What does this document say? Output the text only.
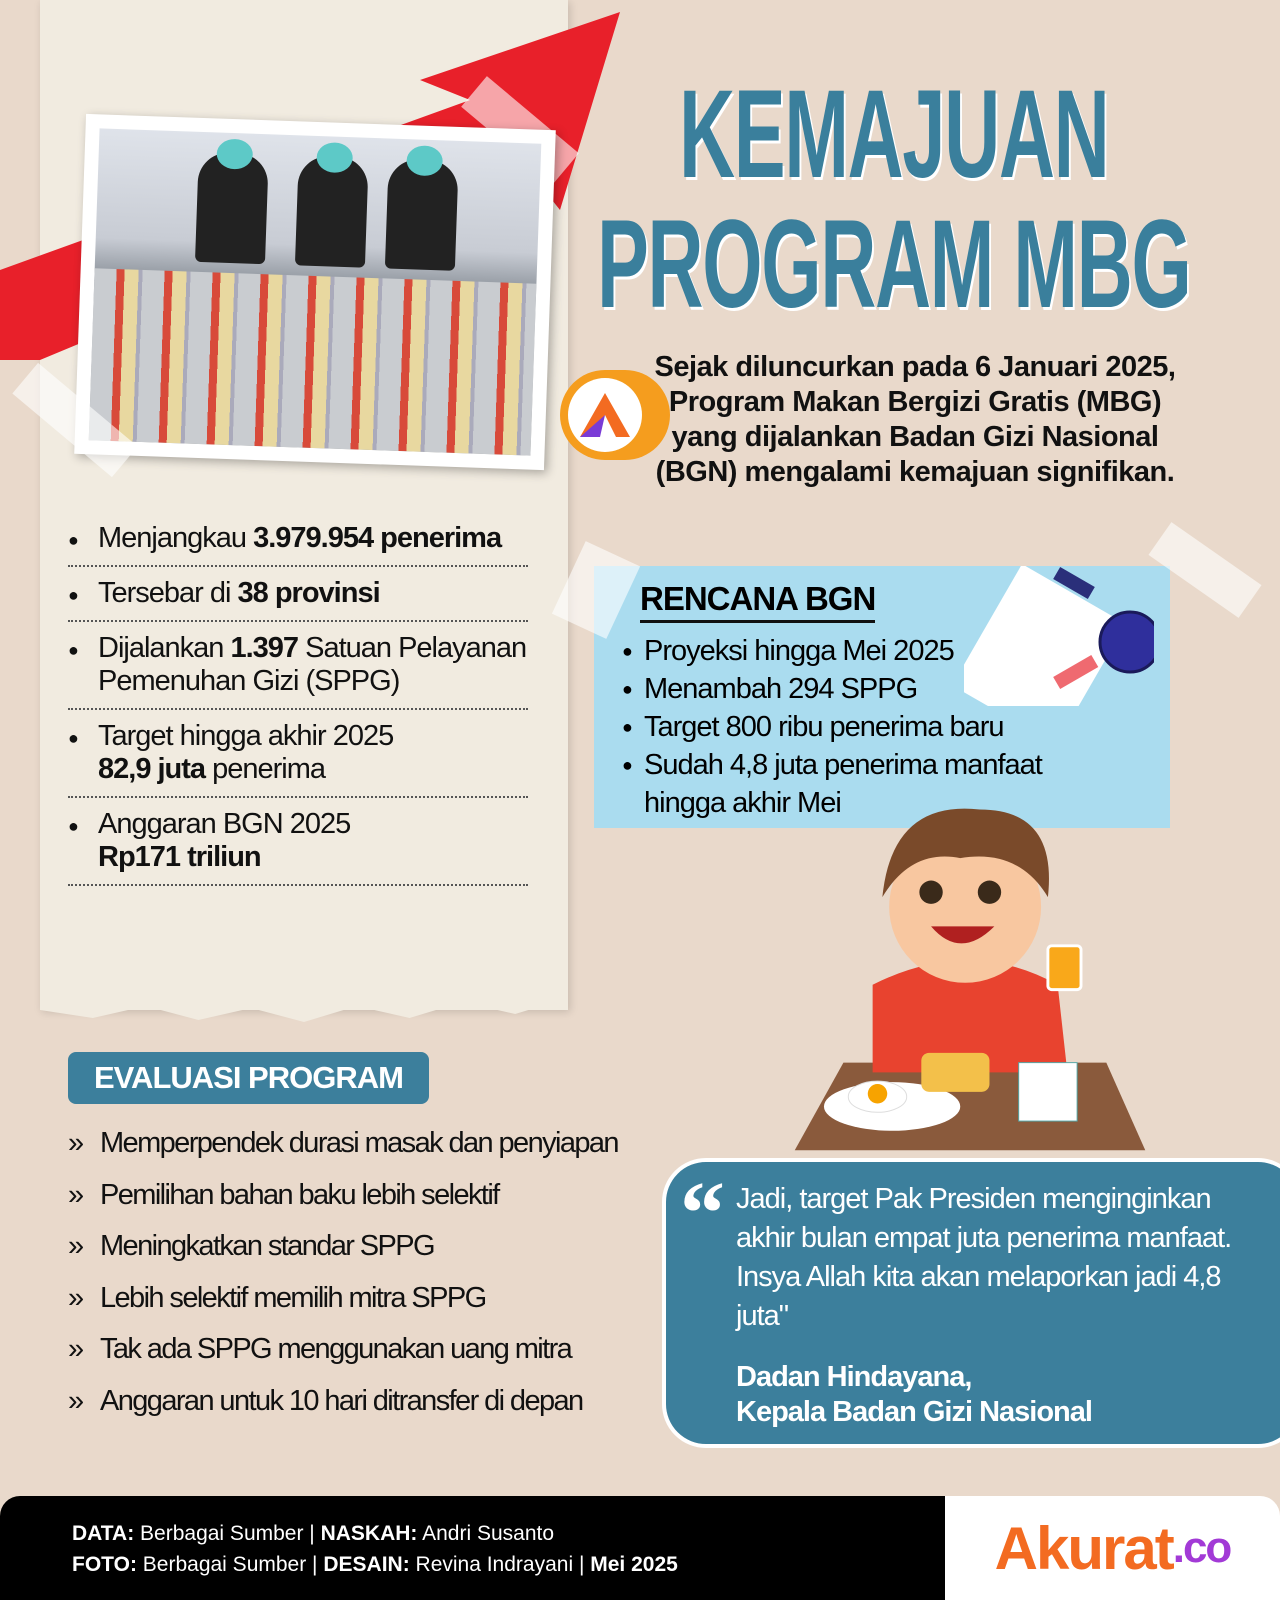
KEMAJUAN
PROGRAM MBG
Sejak diluncurkan pada 6 Januari 2025, Program Makan Bergizi Gratis (MBG) yang dijalankan Badan Gizi Nasional (BGN) mengalami kemajuan signifikan.
● Menjangkau 3.979.954 penerima
● Tersebar di 38 provinsi
● Dijalankan 1.397 Satuan Pelayanan Pemenuhan Gizi (SPPG)
● Target hingga akhir 2025
82,9 juta penerima
● Anggaran BGN 2025
Rp171 triliun
RENCANA BGN
● Proyeksi hingga Mei 2025
● Menambah 294 SPPG
● Target 800 ribu penerima baru
● Sudah 4,8 juta penerima manfaat hingga akhir Mei
EVALUASI PROGRAM
» Memperpendek durasi masak dan penyiapan
» Pemilihan bahan baku lebih selektif
» Meningkatkan standar SPPG
» Lebih selektif memilih mitra SPPG
» Tak ada SPPG menggunakan uang mitra
» Anggaran untuk 10 hari ditransfer di depan
“ Jadi, target Pak Presiden menginginkan akhir bulan empat juta penerima manfaat. Insya Allah kita akan melaporkan jadi 4,8 juta"

Dadan Hindayana,
Kepala Badan Gizi Nasional

DATA: Berbagai Sumber | NASKAH: Andri Susanto
FOTO: Berbagai Sumber | DESAIN: Revina Indrayani | Mei 2025	Akurat .co
